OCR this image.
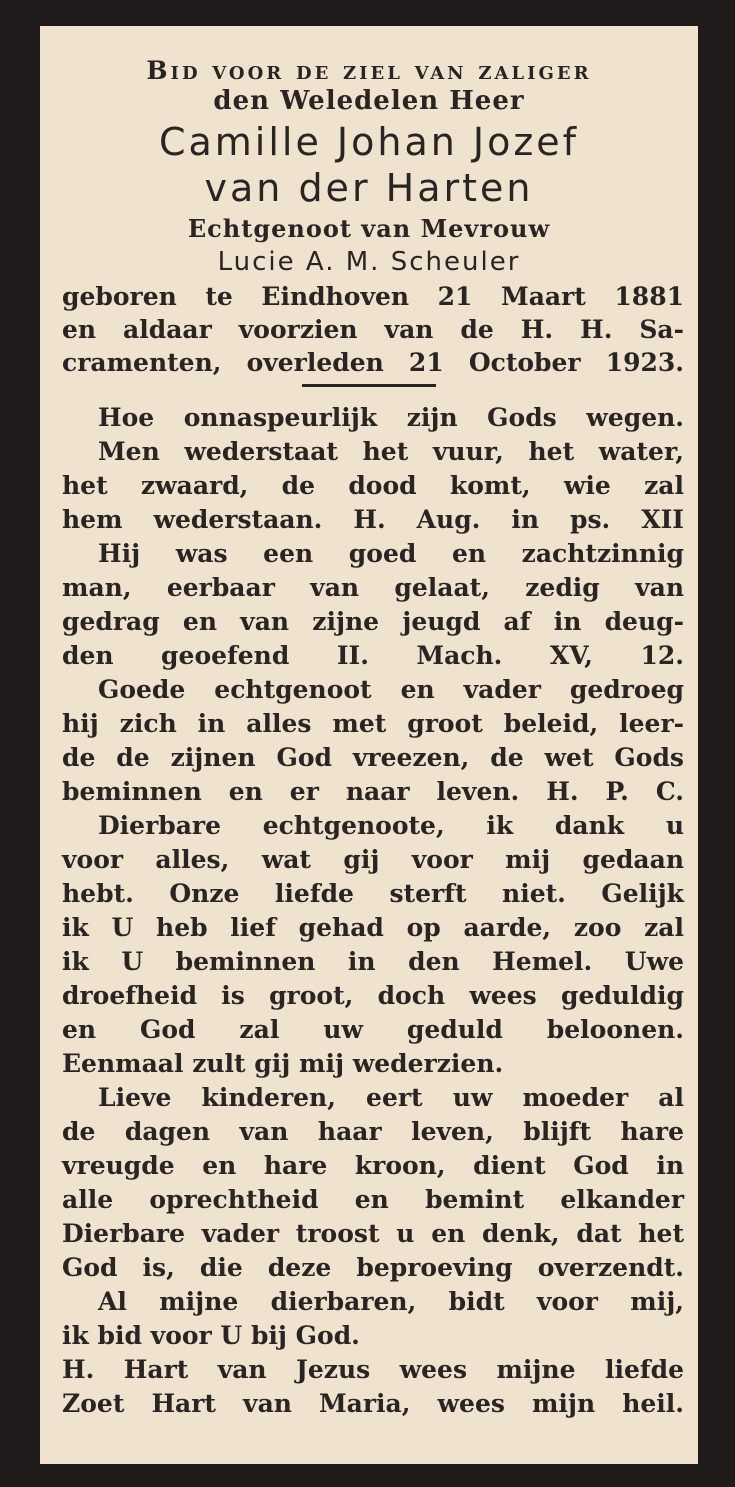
Bid voor de ziel van zaliger
den Weledelen Heer
Camille Johan Jozef
van der Harten
Echtgenoot van Mevrouw
Lucie A. M. Scheuler
geboren te Eindhoven 21 Maart 1881
en aldaar voorzien van de H. H. Sa-
cramenten, overleden 21 October 1923.
Hoe onnaspeurlijk zijn Gods wegen.
Men wederstaat het vuur, het water,
het zwaard, de dood komt, wie zal
hem wederstaan. H. Aug. in ps. XII
Hij was een goed en zachtzinnig
man, eerbaar van gelaat, zedig van
gedrag en van zijne jeugd af in deug-
den geoefend II. Mach. XV, 12.
Goede echtgenoot en vader gedroeg
hij zich in alles met groot beleid, leer-
de de zijnen God vreezen, de wet Gods
beminnen en er naar leven. H. P. C.
Dierbare echtgenoote, ik dank u
voor alles, wat gij voor mij gedaan
hebt. Onze liefde sterft niet. Gelijk
ik U heb lief gehad op aarde, zoo zal
ik U beminnen in den Hemel. Uwe
droefheid is groot, doch wees geduldig
en God zal uw geduld beloonen.
Eenmaal zult gij mij wederzien.
Lieve kinderen, eert uw moeder al
de dagen van haar leven, blijft hare
vreugde en hare kroon, dient God in
alle oprechtheid en bemint elkander
Dierbare vader troost u en denk, dat het
God is, die deze beproeving overzendt.
Al mijne dierbaren, bidt voor mij,
ik bid voor U bij God.
H. Hart van Jezus wees mijne liefde
Zoet Hart van Maria, wees mijn heil.
